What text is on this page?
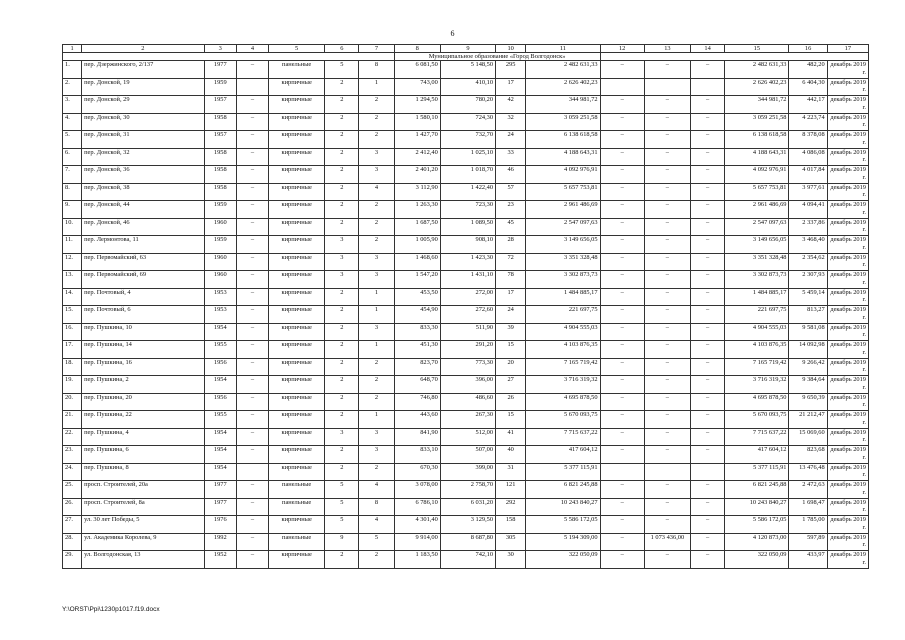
6
1	2	3	4	5	6	7	8	9	10	11	12	13	14	15	16	17
							Муниципальное образование «Город Волгодонск»									
1.	пер. Дзержинского, 2/137	1977	–	панельные	5	8	6 081,50	5 148,50	295	2 482 631,33	–	–	–	2 482 631,33	482,20	декабрь 2019 г.
2.	пер. Донской, 19	1959		кирпичные	2	1	743,00	410,10	17	2 626 402,23				2 626 402,23	6 404,30	декабрь 2019 г.
3.	пер. Донской, 29	1957	–	кирпичные	2	2	1 294,50	780,20	42	344 981,72	–	–	–	344 981,72	442,17	декабрь 2019 г.
4.	пер. Донской, 30	1958	–	кирпичные	2	2	1 580,10	724,30	32	3 059 251,58	–	–	–	3 059 251,58	4 223,74	декабрь 2019 г.
5.	пер. Донской, 31	1957	–	кирпичные	2	2	1 427,70	732,70	24	6 138 618,58	–	–	–	6 138 618,58	8 378,08	декабрь 2019 г.
6.	пер. Донской, 32	1958	–	кирпичные	2	3	2 412,40	1 025,10	33	4 188 643,31	–	–	–	4 188 643,31	4 086,08	декабрь 2019 г.
7.	пер. Донской, 36	1958	–	кирпичные	2	3	2 401,20	1 018,70	46	4 092 976,91	–	–	–	4 092 976,91	4 017,84	декабрь 2019 г.
8.	пер. Донской, 38	1958	–	кирпичные	2	4	3 112,90	1 422,40	57	5 657 753,81	–	–	–	5 657 753,81	3 977,61	декабрь 2019 г.
9.	пер. Донской, 44	1959	–	кирпичные	2	2	1 263,30	723,30	23	2 961 486,69	–	–	–	2 961 486,69	4 094,41	декабрь 2019 г.
10.	пер. Донской, 46	1960	–	кирпичные	2	2	1 687,50	1 089,50	45	2 547 097,63	–	–	–	2 547 097,63	2 337,86	декабрь 2019 г.
11.	пер. Лермонтова, 11	1959	–	кирпичные	3	2	1 005,90	908,10	28	3 149 656,05	–	–	–	3 149 656,05	3 468,40	декабрь 2019 г.
12.	пер. Первомайский, 63	1960	–	кирпичные	3	3	1 468,60	1 423,30	72	3 351 328,48	–	–	–	3 351 328,48	2 354,62	декабрь 2019 г.
13.	пер. Первомайский, 69	1960	–	кирпичные	3	3	1 547,20	1 431,10	78	3 302 873,73	–	–	–	3 302 873,73	2 307,93	декабрь 2019 г.
14.	пер. Почтовый, 4	1953	–	кирпичные	2	1	453,50	272,00	17	1 484 885,17	–	–	–	1 484 885,17	5 459,14	декабрь 2019 г.
15.	пер. Почтовый, 6	1953	–	кирпичные	2	1	454,90	272,60	24	221 697,75	–	–	–	221 697,75	813,27	декабрь 2019 г.
16.	пер. Пушкина, 10	1954	–	кирпичные	2	3	833,30	511,90	39	4 904 555,03	–	–	–	4 904 555,03	9 581,08	декабрь 2019 г.
17.	пер. Пушкина, 14	1955	–	кирпичные	2	1	451,30	291,20	15	4 103 876,35	–	–	–	4 103 876,35	14 092,98	декабрь 2019 г.
18.	пер. Пушкина, 16	1956	–	кирпичные	2	2	823,70	773,30	20	7 165 719,42	–	–	–	7 165 719,42	9 266,42	декабрь 2019 г.
19.	пер. Пушкина, 2	1954	–	кирпичные	2	2	648,70	396,00	27	3 716 319,32	–	–	–	3 716 319,32	9 384,64	декабрь 2019 г.
20.	пер. Пушкина, 20	1956	–	кирпичные	2	2	746,80	486,60	26	4 695 878,50	–	–	–	4 695 878,50	9 650,39	декабрь 2019 г.
21.	пер. Пушкина, 22	1955	–	кирпичные	2	1	443,60	267,30	15	5 670 093,75	–	–	–	5 670 093,75	21 212,47	декабрь 2019 г.
22.	пер. Пушкина, 4	1954	–	кирпичные	3	3	841,90	512,00	41	7 715 637,22	–	–	–	7 715 637,22	15 069,60	декабрь 2019 г.
23.	пер. Пушкина, 6	1954	–	кирпичные	2	3	833,10	507,00	40	417 604,12	–	–	–	417 604,12	823,68	декабрь 2019 г.
24.	пер. Пушкина, 8	1954		кирпичные	2	2	670,30	399,00	31	5 377 115,91				5 377 115,91	13 476,48	декабрь 2019 г.
25.	просп. Строителей, 20а	1977	–	панельные	5	4	3 078,00	2 758,70	121	6 821 245,88	–	–	–	6 821 245,88	2 472,63	декабрь 2019 г.
26.	просп. Строителей, 8а	1977	–	панельные	5	8	6 786,10	6 031,20	292	10 243 840,27	–	–	–	10 243 840,27	1 698,47	декабрь 2019 г.
27.	ул. 30 лет Победы, 5	1976	–	кирпичные	5	4	4 301,40	3 129,50	158	5 586 172,05	–	–	–	5 586 172,05	1 785,00	декабрь 2019 г.
28.	ул. Академика Королева, 9	1992	–	панельные	9	5	9 914,00	8 687,80	305	5 194 309,00	–	1 073 436,00	–	4 120 873,00	597,89	декабрь 2019 г.
29.	ул. Волгодонская, 13	1952	–	кирпичные	2	2	1 183,50	742,10	30	322 050,09	–	–	–	322 050,09	433,97	декабрь 2019 г.
Y:\ORST\Ppi\1230p1017.f19.docx
